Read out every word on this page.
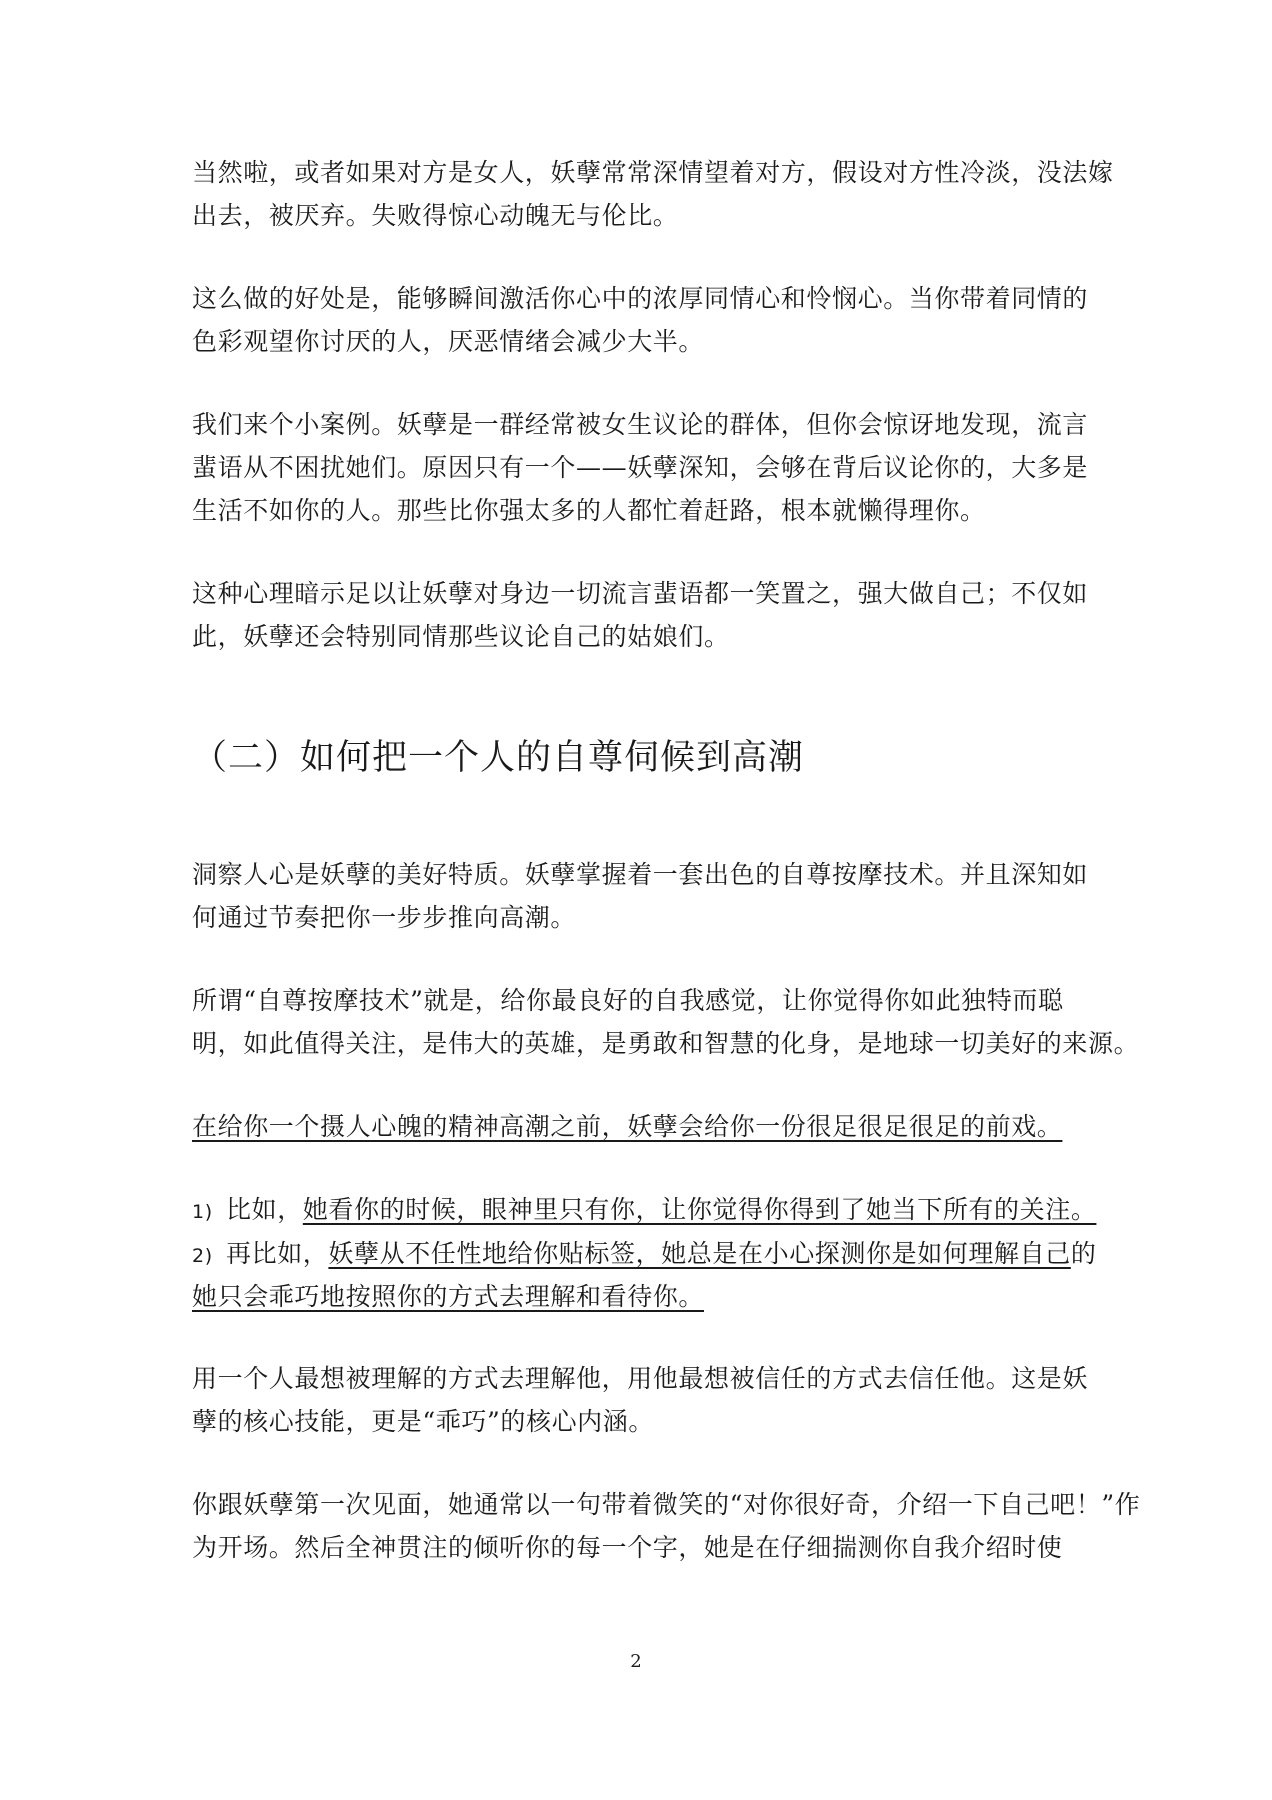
当然啦，或者如果对方是女人，妖孽常常深情望着对方，假设对方性冷淡，没法嫁
出去，被厌弃。失败得惊心动魄无与伦比。
这么做的好处是，能够瞬间激活你心中的浓厚同情心和怜悯心。当你带着同情的
色彩观望你讨厌的人，厌恶情绪会减少大半。
我们来个小案例。妖孽是一群经常被女生议论的群体，但你会惊讶地发现，流言
蜚语从不困扰她们。原因只有一个——妖孽深知，会够在背后议论你的，大多是
生活不如你的人。那些比你强太多的人都忙着赶路，根本就懒得理你。
这种心理暗示足以让妖孽对身边一切流言蜚语都一笑置之，强大做自己；不仅如
此，妖孽还会特别同情那些议论自己的姑娘们。
（二）如何把一个人的自尊伺候到高潮
洞察人心是妖孽的美好特质。妖孽掌握着一套出色的自尊按摩技术。并且深知如
何通过节奏把你一步步推向高潮。
所谓“自尊按摩技术”就是，给你最良好的自我感觉，让你觉得你如此独特而聪
明，如此值得关注，是伟大的英雄，是勇敢和智慧的化身，是地球一切美好的来源。
在给你一个摄人心魄的精神高潮之前，妖孽会给你一份很足很足很足的前戏。
1) 比如，她看你的时候，眼神里只有你，让你觉得你得到了她当下所有的关注。
2) 再比如，妖孽从不任性地给你贴标签，她总是在小心探测你是如何理解自己的
她只会乖巧地按照你的方式去理解和看待你。
用一个人最想被理解的方式去理解他，用他最想被信任的方式去信任他。这是妖
孽的核心技能，更是“乖巧”的核心内涵。
你跟妖孽第一次见面，她通常以一句带着微笑的“对你很好奇，介绍一下自己吧！”作
为开场。然后全神贯注的倾听你的每一个字，她是在仔细揣测你自我介绍时使
2
